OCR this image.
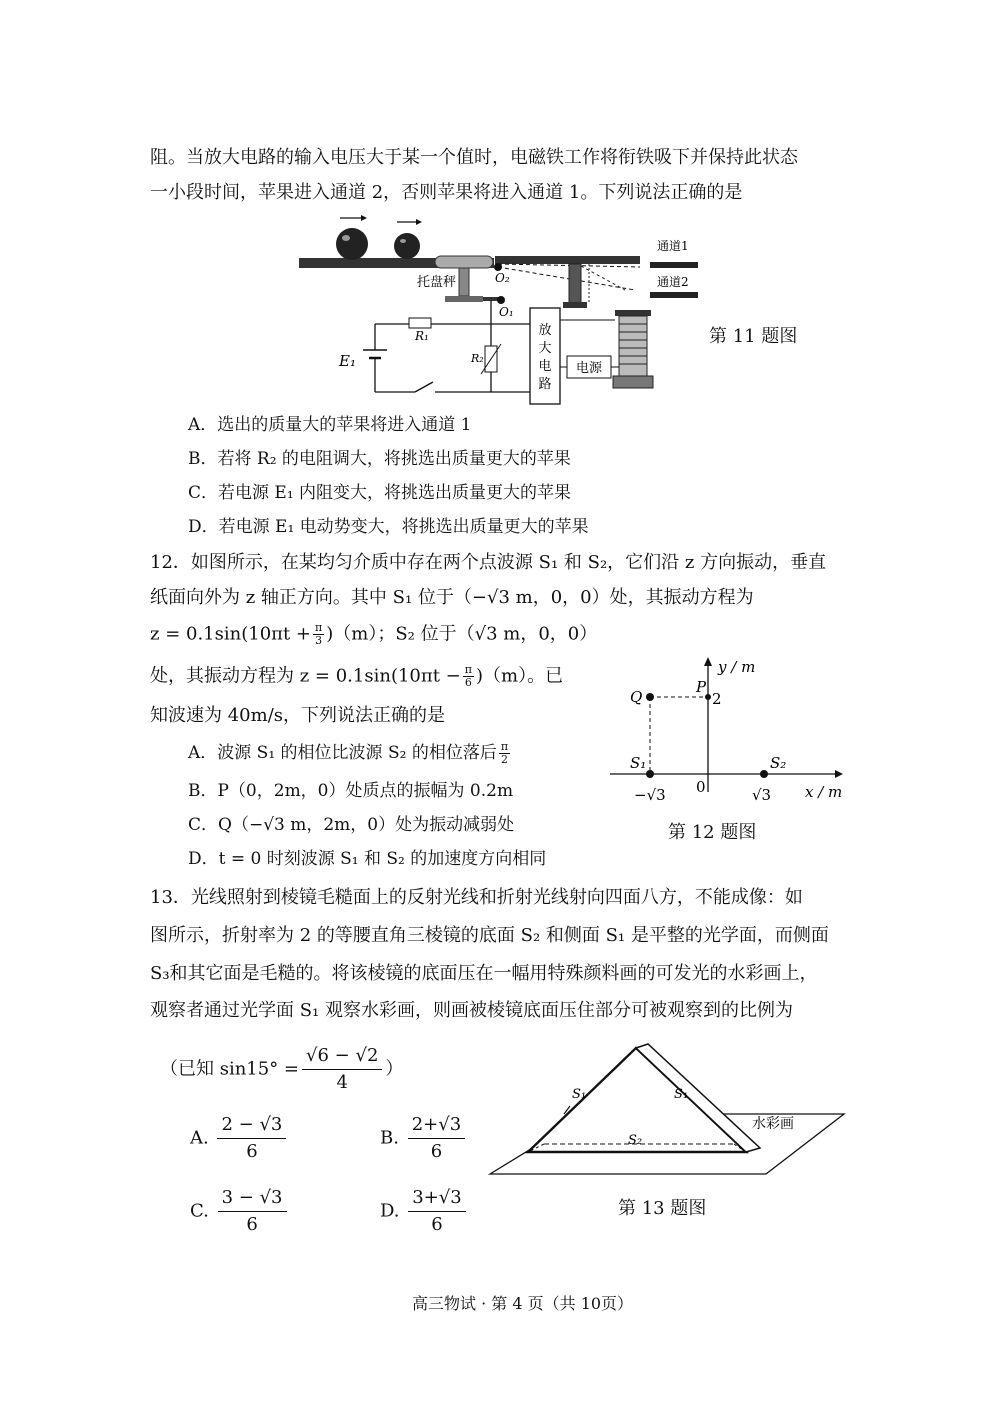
阻。当放大电路的输入电压大于某一个值时，电磁铁工作将衔铁吸下并保持此状态
一小段时间，苹果进入通道 2，否则苹果将进入通道 1。下列说法正确的是
通道1
通道2
托盘秤	O₂
O₁
R₁
E₁	R₂
放
大
电
路
电源
第 11 题图
A．选出的质量大的苹果将进入通道 1
B．若将 R₂ 的电阻调大，将挑选出质量更大的苹果
C．若电源 E₁ 内阻变大，将挑选出质量更大的苹果
D．若电源 E₁ 电动势变大，将挑选出质量更大的苹果
12．如图所示，在某均匀介质中存在两个点波源 S₁ 和 S₂，它们沿 z 方向振动，垂直
纸面向外为 z 轴正方向。其中 S₁ 位于（−√3 m，0，0）处，其振动方程为
$z = 0.1\sin(10\pi t + \frac{\pi}{3} )(m)$；S₂ 位于（√3 m，0，0）
处，其振动方程为 $z = 0.1\sin(10\pi t - \frac{\pi}{6} )(m)$。已
知波速为 40m/s，下列说法正确的是
A．波源 S₁ 的相位比波源 S₂ 的相位落后 $\frac{\pi}{2}$
B．P（0，2m，0）处质点的振幅为 0.2m
C．Q（−√3 m，2m，0）处为振动减弱处
D．t = 0 时刻波源 S₁ 和 S₂ 的加速度方向相同
y / m
x / m
Q
P
2
S₁	S₂
0
−√3	√3
第 12 题图
13．光线照射到棱镜毛糙面上的反射光线和折射光线射向四面八方，不能成像：如
图所示，折射率为 2 的等腰直角三棱镜的底面 S₂ 和侧面 S₁ 是平整的光学面，而侧面
S₃和其它面是毛糙的。将该棱镜的底面压在一幅用特殊颜料画的可发光的水彩画上，
观察者通过光学面 S₁ 观察水彩画，则画被棱镜底面压住部分可被观察到的比例为
（已知 $\sin 15^\circ = \frac{√6 - √2}{4}$ ）
A. $\frac{2 - √3}{6}$	B. $\frac{2+√3}{6}$
C. $\frac{3 - √3}{6}$	D. $\frac{3+√3}{6}$
S₁	S₁
S₂
水彩画
第 13 题图
高三物试 · 第 4 页（共 10页）
